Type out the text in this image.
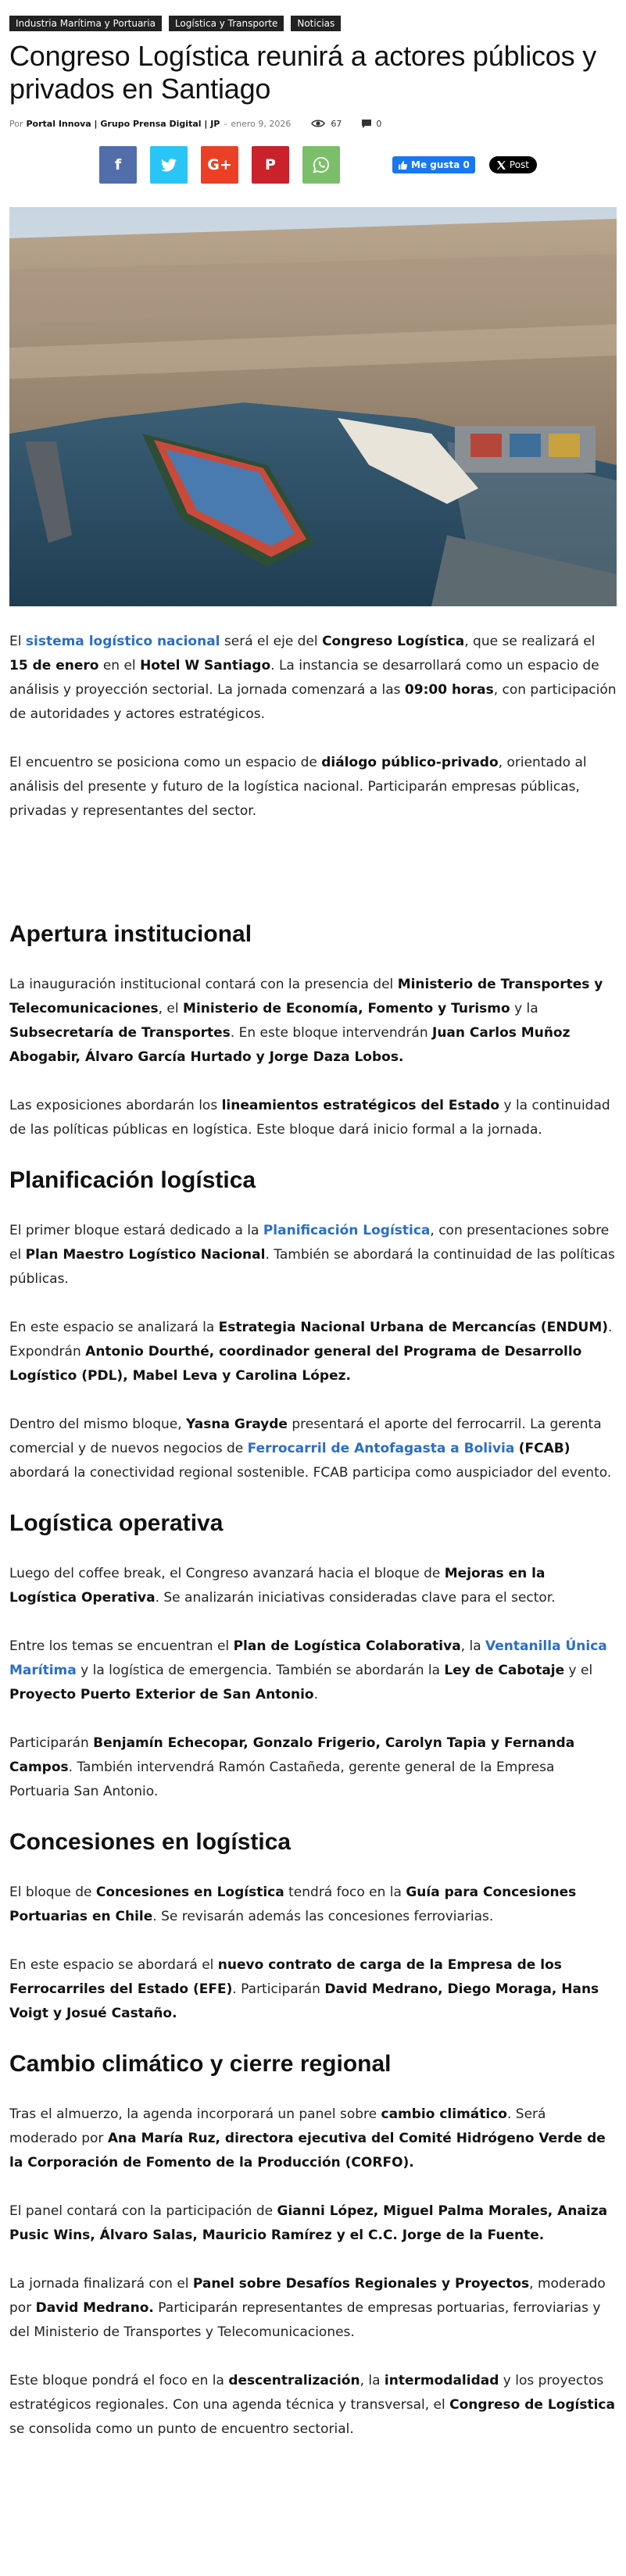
Industria Marítima y Portuaria	Logística y Transporte	Noticias
Congreso Logística reunirá a actores públicos y privados en Santiago
Por Portal Innova | Grupo Prensa Digital | JP - enero 9, 2026	67	0
f	G+ P	Me gusta 0	Post

El sistema logístico nacional será el eje del Congreso Logística, que se realizará el 15 de enero en el Hotel W Santiago. La instancia se desarrollará como un espacio de análisis y proyección sectorial. La jornada comenzará a las 09:00 horas, con participación de autoridades y actores estratégicos.

El encuentro se posiciona como un espacio de diálogo público-privado, orientado al análisis del presente y futuro de la logística nacional. Participarán empresas públicas, privadas y representantes del sector.

Apertura institucional

La inauguración institucional contará con la presencia del Ministerio de Transportes y Telecomunicaciones, el Ministerio de Economía, Fomento y Turismo y la Subsecretaría de Transportes. En este bloque intervendrán Juan Carlos Muñoz Abogabir, Álvaro García Hurtado y Jorge Daza Lobos.

Las exposiciones abordarán los lineamientos estratégicos del Estado y la continuidad de las políticas públicas en logística. Este bloque dará inicio formal a la jornada.

Planificación logística

El primer bloque estará dedicado a la Planificación Logística, con presentaciones sobre el Plan Maestro Logístico Nacional. También se abordará la continuidad de las políticas públicas.

En este espacio se analizará la Estrategia Nacional Urbana de Mercancías (ENDUM). Expondrán Antonio Dourthé, coordinador general del Programa de Desarrollo Logístico (PDL), Mabel Leva y Carolina López.

Dentro del mismo bloque, Yasna Grayde presentará el aporte del ferrocarril. La gerenta comercial y de nuevos negocios de Ferrocarril de Antofagasta a Bolivia (FCAB) abordará la conectividad regional sostenible. FCAB participa como auspiciador del evento.

Logística operativa

Luego del coffee break, el Congreso avanzará hacia el bloque de Mejoras en la Logística Operativa. Se analizarán iniciativas consideradas clave para el sector.

Entre los temas se encuentran el Plan de Logística Colaborativa, la Ventanilla Única Marítima y la logística de emergencia. También se abordarán la Ley de Cabotaje y el Proyecto Puerto Exterior de San Antonio.

Participarán Benjamín Echecopar, Gonzalo Frigerio, Carolyn Tapia y Fernanda Campos. También intervendrá Ramón Castañeda, gerente general de la Empresa Portuaria San Antonio.

Concesiones en logística

El bloque de Concesiones en Logística tendrá foco en la Guía para Concesiones Portuarias en Chile. Se revisarán además las concesiones ferroviarias.

En este espacio se abordará el nuevo contrato de carga de la Empresa de los Ferrocarriles del Estado (EFE). Participarán David Medrano, Diego Moraga, Hans Voigt y Josué Castaño.

Cambio climático y cierre regional

Tras el almuerzo, la agenda incorporará un panel sobre cambio climático. Será moderado por Ana María Ruz, directora ejecutiva del Comité Hidrógeno Verde de la Corporación de Fomento de la Producción (CORFO).

El panel contará con la participación de Gianni López, Miguel Palma Morales, Anaiza Pusic Wins, Álvaro Salas, Mauricio Ramírez y el C.C. Jorge de la Fuente.

La jornada finalizará con el Panel sobre Desafíos Regionales y Proyectos, moderado por David Medrano. Participarán representantes de empresas portuarias, ferroviarias y del Ministerio de Transportes y Telecomunicaciones.

Este bloque pondrá el foco en la descentralización, la intermodalidad y los proyectos estratégicos regionales. Con una agenda técnica y transversal, el Congreso de Logística se consolida como un punto de encuentro sectorial.
